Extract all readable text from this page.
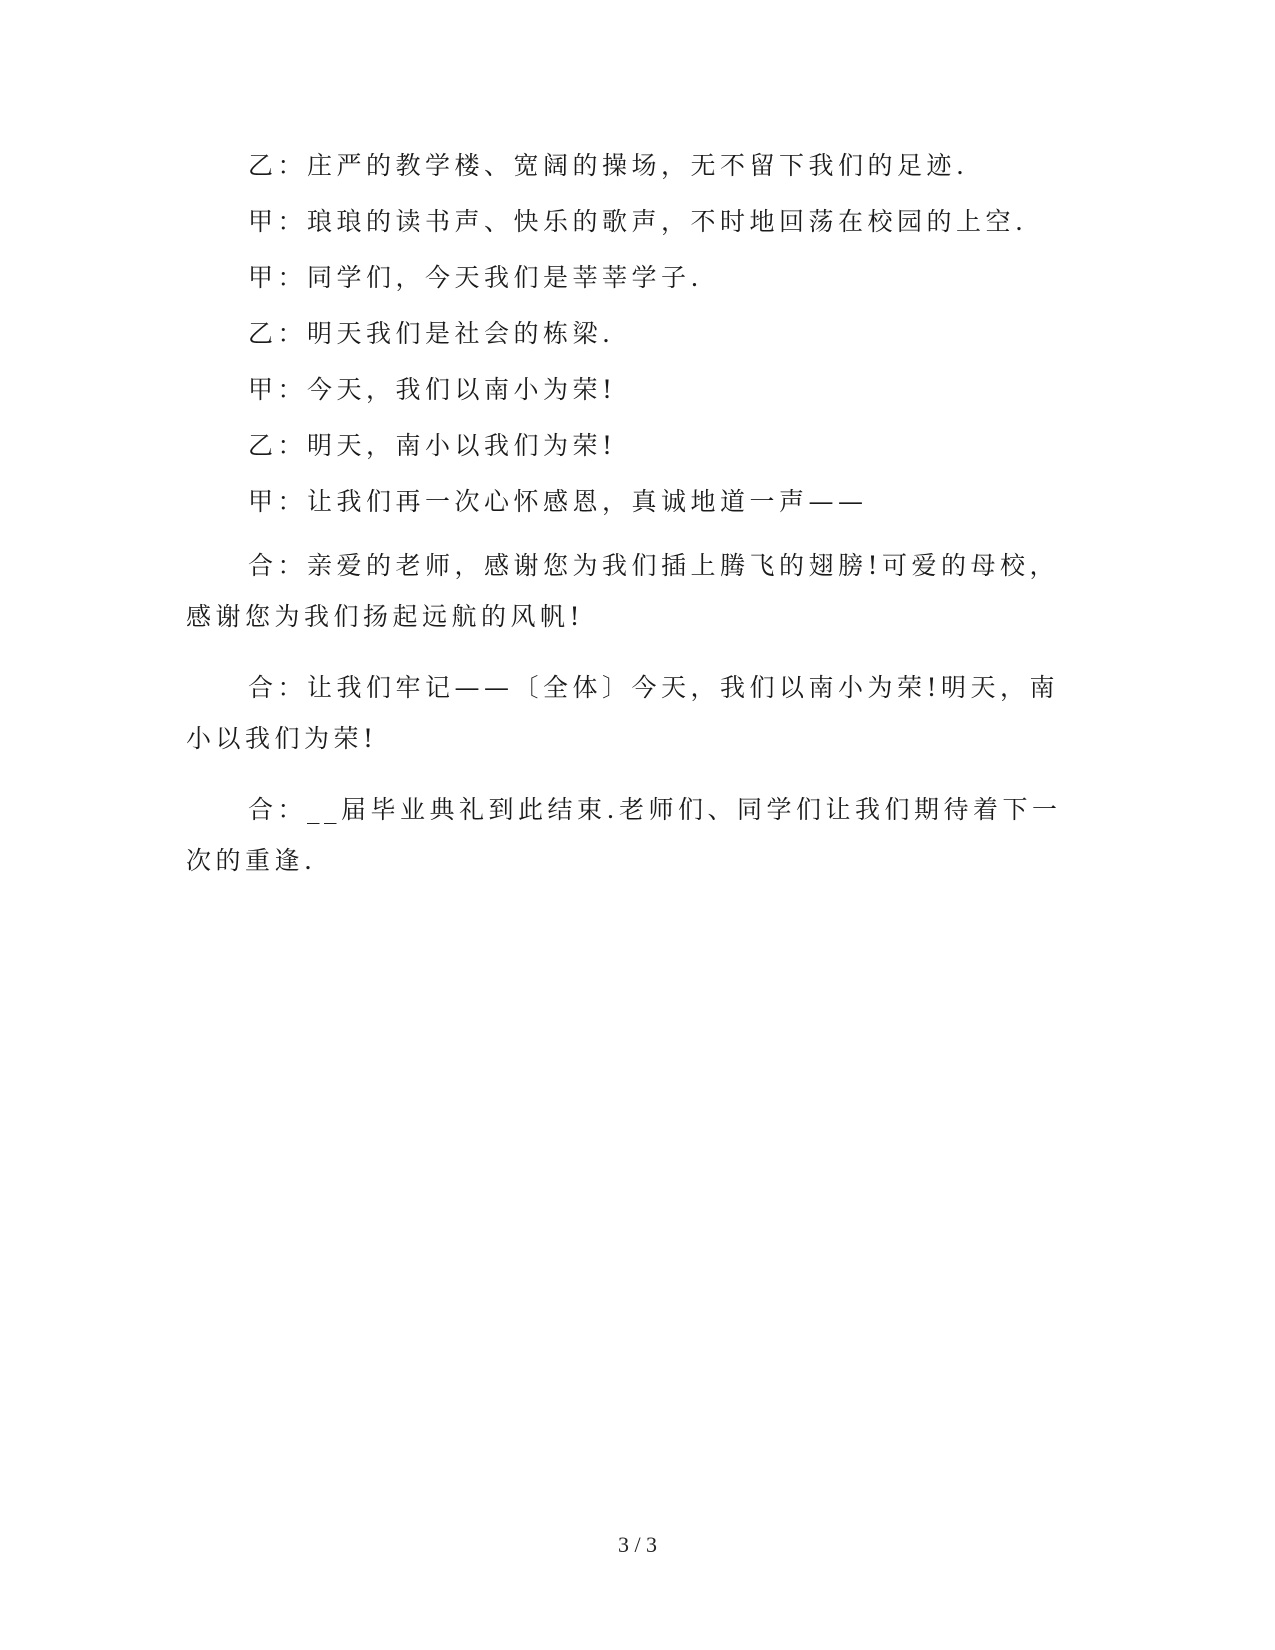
乙：庄严的教学楼、宽阔的操场，无不留下我们的足迹.

甲：琅琅的读书声、快乐的歌声，不时地回荡在校园的上空.

甲：同学们，今天我们是莘莘学子.

乙：明天我们是社会的栋梁.

甲：今天，我们以南小为荣!

乙：明天，南小以我们为荣!

甲：让我们再一次心怀感恩，真诚地道一声——

合：亲爱的老师，感谢您为我们插上腾飞的翅膀!可爱的母校，感谢您为我们扬起远航的风帆!

合：让我们牢记——〔全体〕今天，我们以南小为荣!明天，南小以我们为荣!

合：__届毕业典礼到此结束.老师们、同学们让我们期待着下一次的重逢.

3 / 3
